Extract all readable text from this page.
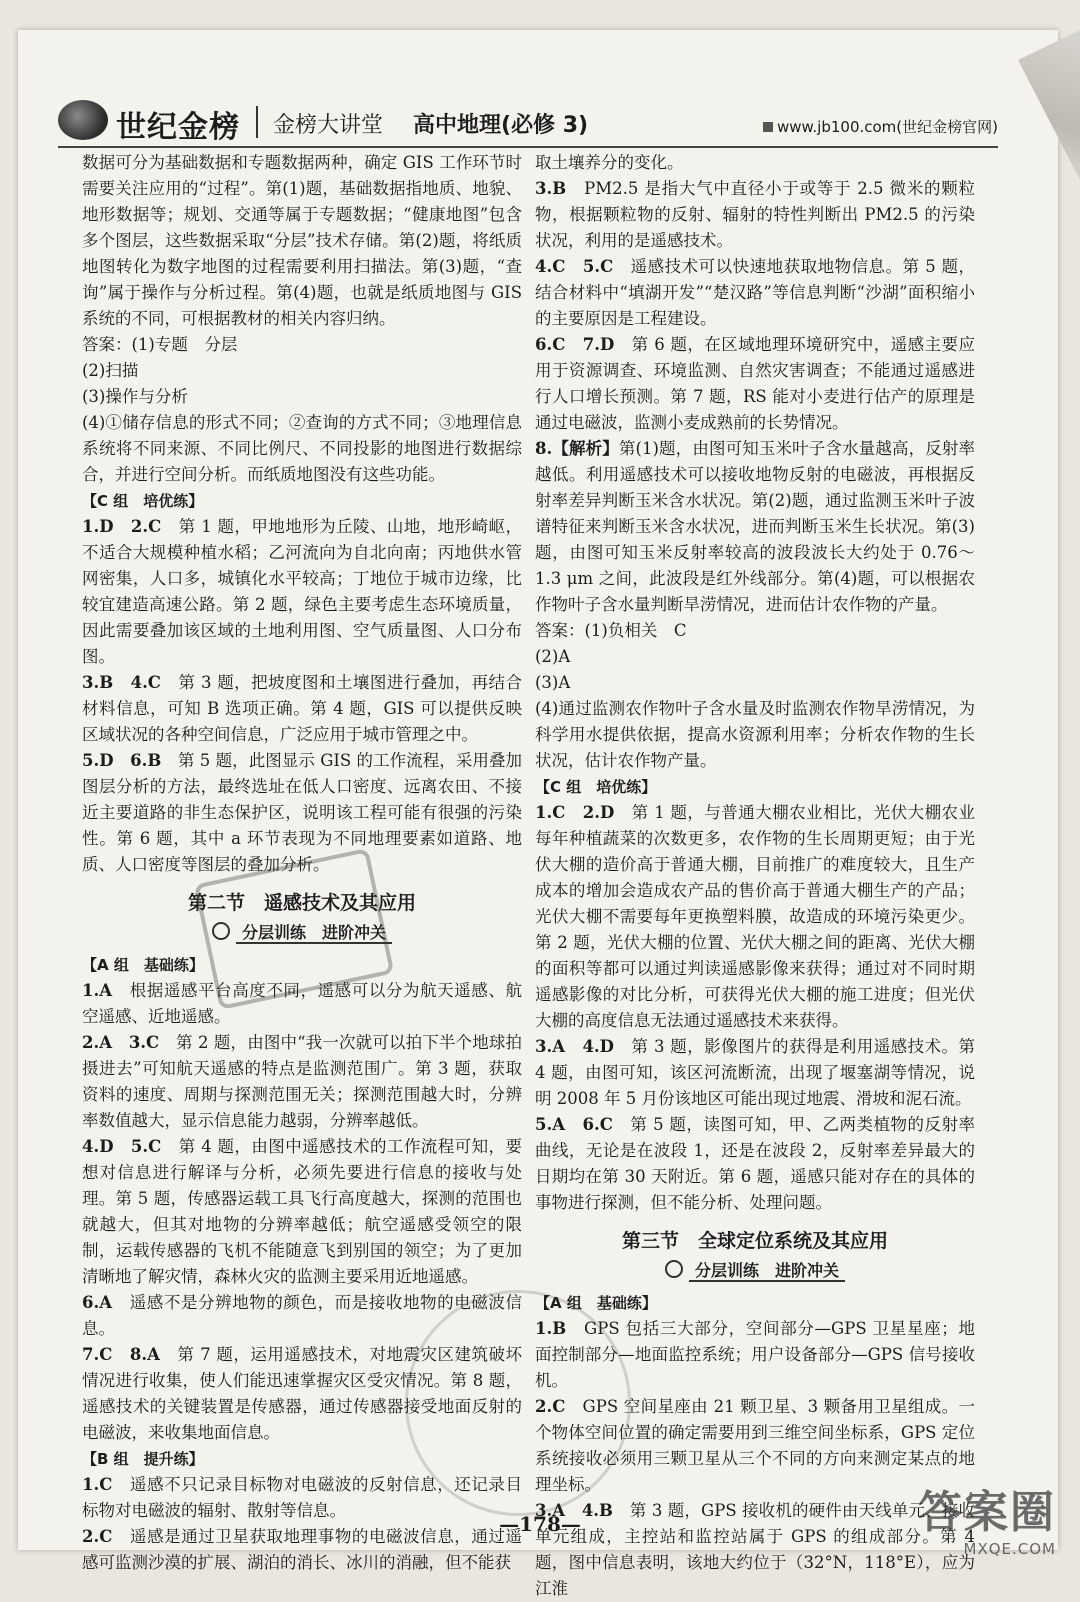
世纪金榜 金榜大讲堂 高中地理(必修 3)	www.jb100.com(世纪金榜官网)

数据可分为基础数据和专题数据两种，确定 GIS 工作环节时需要关注应用的“过程”。第(1)题，基础数据指地质、地貌、地形数据等；规划、交通等属于专题数据；“健康地图”包含多个图层，这些数据采取“分层”技术存储。第(2)题，将纸质地图转化为数字地图的过程需要利用扫描法。第(3)题，“查询”属于操作与分析过程。第(4)题，也就是纸质地图与 GIS 系统的不同，可根据教材的相关内容归纳。

答案：(1)专题　分层

(2)扫描

(3)操作与分析

(4)①储存信息的形式不同；②查询的方式不同；③地理信息系统将不同来源、不同比例尺、不同投影的地图进行数据综合，并进行空间分析。而纸质地图没有这些功能。

【C 组　培优练】

1.D　2.C　第 1 题，甲地地形为丘陵、山地，地形崎岖，不适合大规模种植水稻；乙河流向为自北向南；丙地供水管网密集，人口多，城镇化水平较高；丁地位于城市边缘，比较宜建造高速公路。第 2 题，绿色主要考虑生态环境质量，因此需要叠加该区域的土地利用图、空气质量图、人口分布图。

3.B　4.C　第 3 题，把坡度图和土壤图进行叠加，再结合材料信息，可知 B 选项正确。第 4 题，GIS 可以提供反映区域状况的各种空间信息，广泛应用于城市管理之中。

5.D　6.B　第 5 题，此图显示 GIS 的工作流程，采用叠加图层分析的方法，最终选址在低人口密度、远离农田、不接近主要道路的非生态保护区，说明该工程可能有很强的污染性。第 6 题，其中 a 环节表现为不同地理要素如道路、地质、人口密度等图层的叠加分析。

第二节　遥感技术及其应用
分层训练　进阶冲关

【A 组　基础练】

1.A　根据遥感平台高度不同，遥感可以分为航天遥感、航空遥感、近地遥感。

2.A　3.C　第 2 题，由图中“我一次就可以拍下半个地球拍摄进去”可知航天遥感的特点是监测范围广。第 3 题，获取资料的速度、周期与探测范围无关；探测范围越大时，分辨率数值越大，显示信息能力越弱，分辨率越低。

4.D　5.C　第 4 题，由图中遥感技术的工作流程可知，要想对信息进行解译与分析，必须先要进行信息的接收与处理。第 5 题，传感器运载工具飞行高度越大，探测的范围也就越大，但其对地物的分辨率越低；航空遥感受领空的限制，运载传感器的飞机不能随意飞到别国的领空；为了更加清晰地了解灾情，森林火灾的监测主要采用近地遥感。

6.A　遥感不是分辨地物的颜色，而是接收地物的电磁波信息。

7.C　8.A　第 7 题，运用遥感技术，对地震灾区建筑破坏情况进行收集，使人们能迅速掌握灾区受灾情况。第 8 题，遥感技术的关键装置是传感器，通过传感器接受地面反射的电磁波，来收集地面信息。

【B 组　提升练】

1.C　遥感不只记录目标物对电磁波的反射信息，还记录目标物对电磁波的辐射、散射等信息。

2.C　遥感是通过卫星获取地理事物的电磁波信息，通过遥感可监测沙漠的扩展、湖泊的消长、冰川的消融，但不能获

取土壤养分的变化。

3.B　PM2.5 是指大气中直径小于或等于 2.5 微米的颗粒物，根据颗粒物的反射、辐射的特性判断出 PM2.5 的污染状况，利用的是遥感技术。

4.C　5.C　遥感技术可以快速地获取地物信息。第 5 题，结合材料中“填湖开发”“楚汉路”等信息判断“沙湖”面积缩小的主要原因是工程建设。

6.C　7.D　第 6 题，在区域地理环境研究中，遥感主要应用于资源调查、环境监测、自然灾害调查；不能通过遥感进行人口增长预测。第 7 题，RS 能对小麦进行估产的原理是通过电磁波，监测小麦成熟前的长势情况。

8.【解析】第(1)题，由图可知玉米叶子含水量越高，反射率越低。利用遥感技术可以接收地物反射的电磁波，再根据反射率差异判断玉米含水状况。第(2)题，通过监测玉米叶子波谱特征来判断玉米含水状况，进而判断玉米生长状况。第(3)题，由图可知玉米反射率较高的波段波长大约处于 0.76～1.3 μm 之间，此波段是红外线部分。第(4)题，可以根据农作物叶子含水量判断旱涝情况，进而估计农作物的产量。

答案：(1)负相关　C

(2)A

(3)A

(4)通过监测农作物叶子含水量及时监测农作物旱涝情况，为科学用水提供依据，提高水资源利用率；分析农作物的生长状况，估计农作物产量。

【C 组　培优练】

1.C　2.D　第 1 题，与普通大棚农业相比，光伏大棚农业每年种植蔬菜的次数更多，农作物的生长周期更短；由于光伏大棚的造价高于普通大棚，目前推广的难度较大，且生产成本的增加会造成农产品的售价高于普通大棚生产的产品；光伏大棚不需要每年更换塑料膜，故造成的环境污染更少。第 2 题，光伏大棚的位置、光伏大棚之间的距离、光伏大棚的面积等都可以通过判读遥感影像来获得；通过对不同时期遥感影像的对比分析，可获得光伏大棚的施工进度；但光伏大棚的高度信息无法通过遥感技术来获得。

3.A　4.D　第 3 题，影像图片的获得是利用遥感技术。第 4 题，由图可知，该区河流断流，出现了堰塞湖等情况，说明 2008 年 5 月份该地区可能出现过地震、滑坡和泥石流。

5.A　6.C　第 5 题，读图可知，甲、乙两类植物的反射率曲线，无论是在波段 1，还是在波段 2，反射率差异最大的日期均在第 30 天附近。第 6 题，遥感只能对存在的具体的事物进行探测，但不能分析、处理问题。

第三节　全球定位系统及其应用
分层训练　进阶冲关

【A 组　基础练】

1.B　GPS 包括三大部分，空间部分—GPS 卫星星座；地面控制部分—地面监控系统；用户设备部分—GPS 信号接收机。

2.C　GPS 空间星座由 21 颗卫星、3 颗备用卫星组成。一个物体空间位置的确定需要用到三维空间坐标系，GPS 定位系统接收必须用三颗卫星从三个不同的方向来测定某点的地理坐标。

3.A　4.B　第 3 题，GPS 接收机的硬件由天线单元、接收单元组成，主控站和监控站属于 GPS 的组成部分。第 4 题，图中信息表明，该地大约位于（32°N，118°E），应为江淮

—178—	答案圈
MXQE.COM
